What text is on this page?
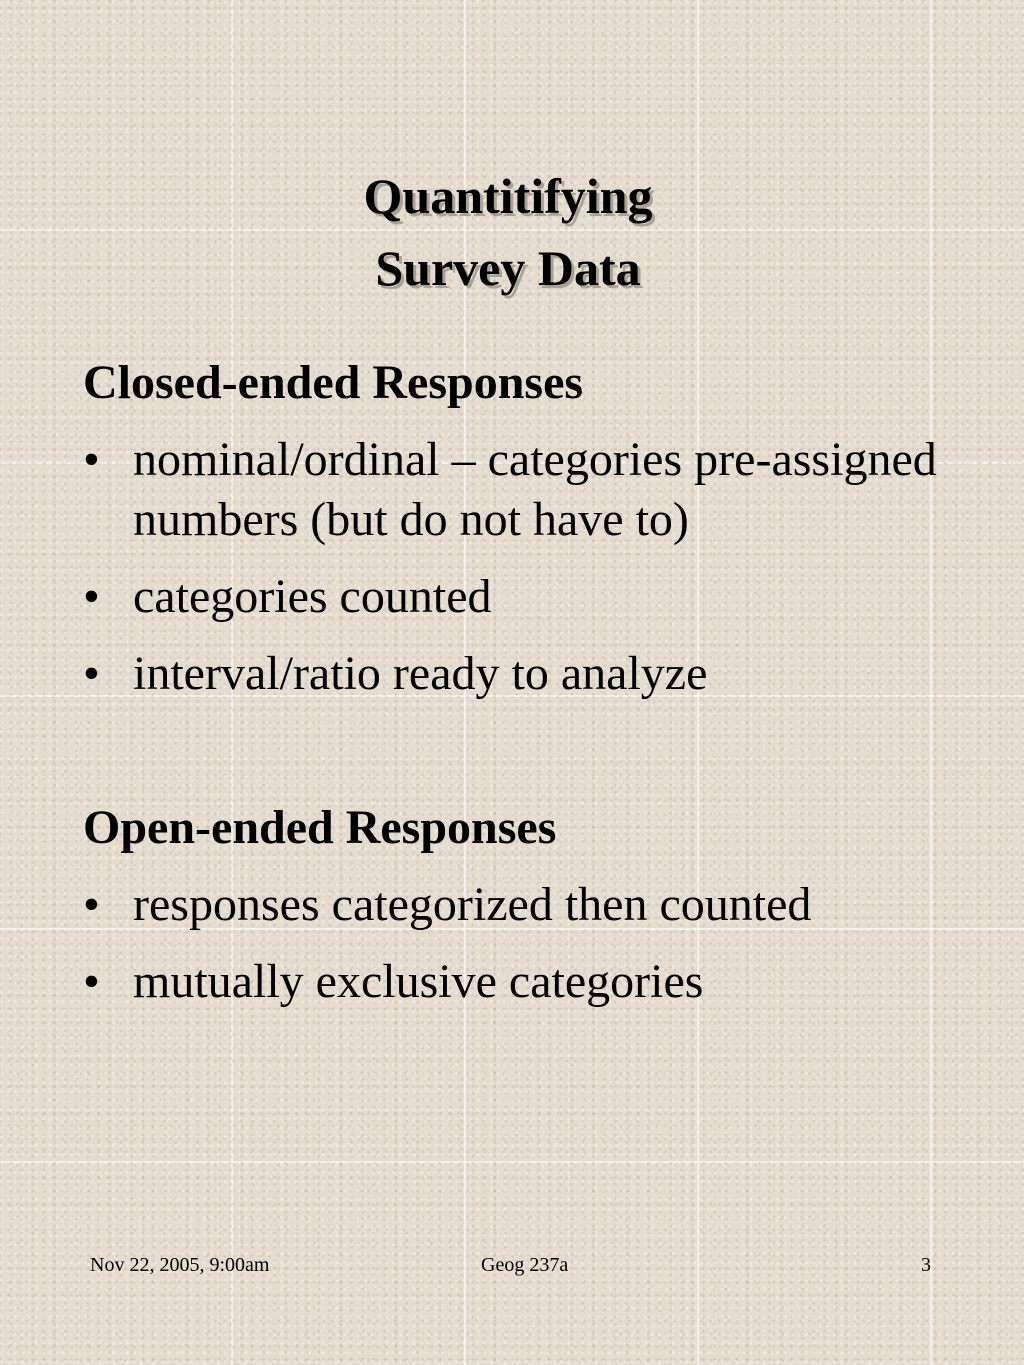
Quantitifying
Survey Data
Closed-ended Responses
• nominal/ordinal – categories pre-assigned numbers (but do not have to)
• categories counted
• interval/ratio ready to analyze
Open-ended Responses
• responses categorized then counted
• mutually exclusive categories
Nov 22, 2005, 9:00am	Geog 237a	3
